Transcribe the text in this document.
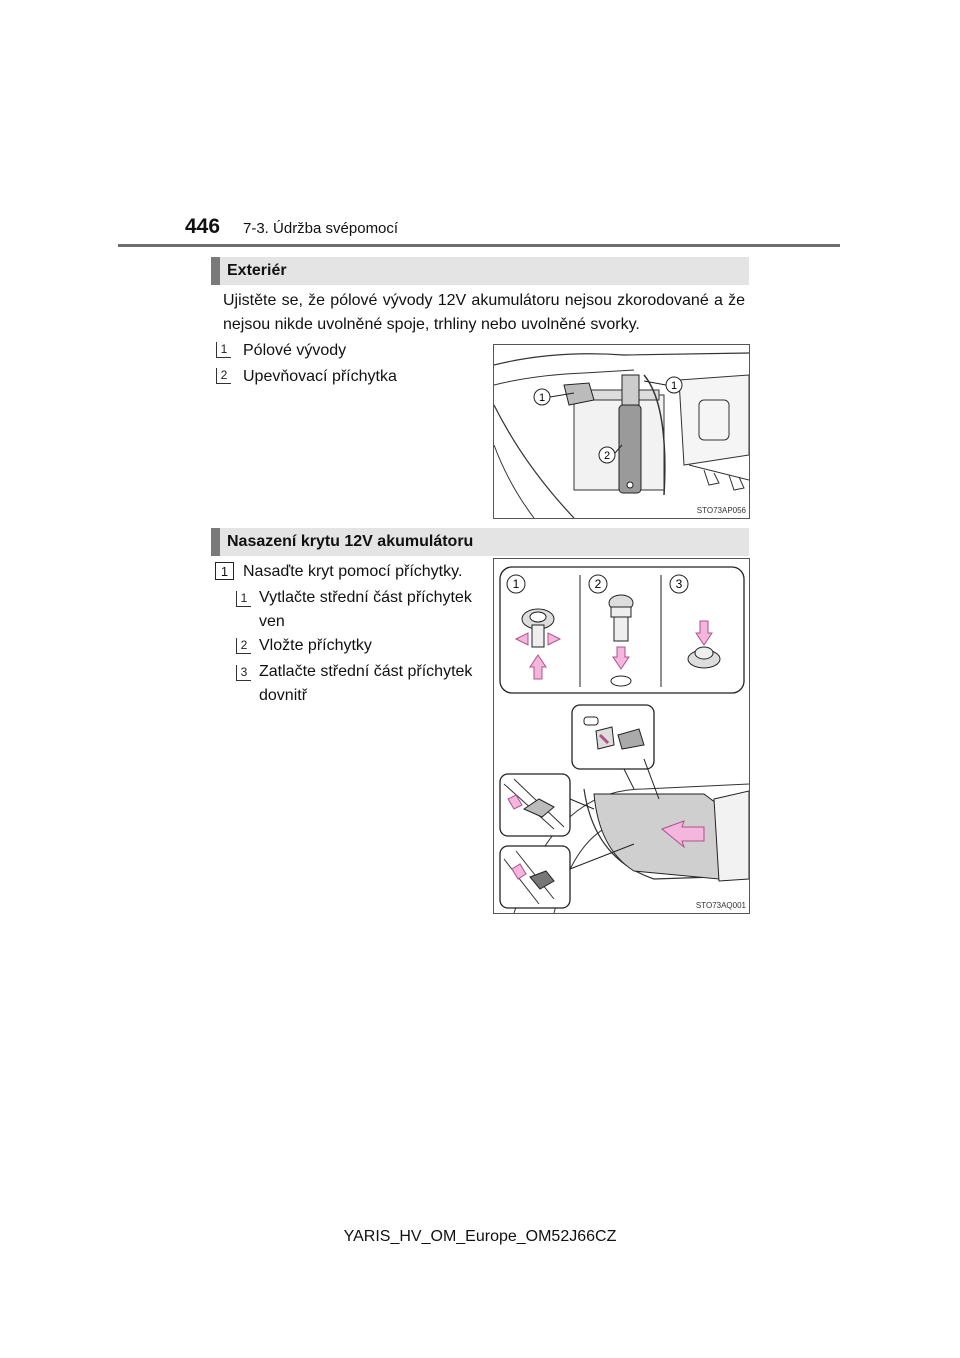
446 7-3. Údržba svépomocí
Exteriér
Ujistěte se, že pólové vývody 12V akumulátoru nejsou zkorodované a že nejsou nikde uvolněné spoje, trhliny nebo uvolněné svorky.
1 Pólové vývody
2 Upevňovací příchytka
1
1
2
STO73AP056
Nasazení krytu 12V akumulátoru
1 Nasaďte kryt pomocí příchytky.
1 Vytlačte střední část příchytek ven
2 Vložte příchytky
3 Zatlačte střední část příchytek dovnitř
1	2	3
STO73AQ001
YARIS_HV_OM_Europe_OM52J66CZ
